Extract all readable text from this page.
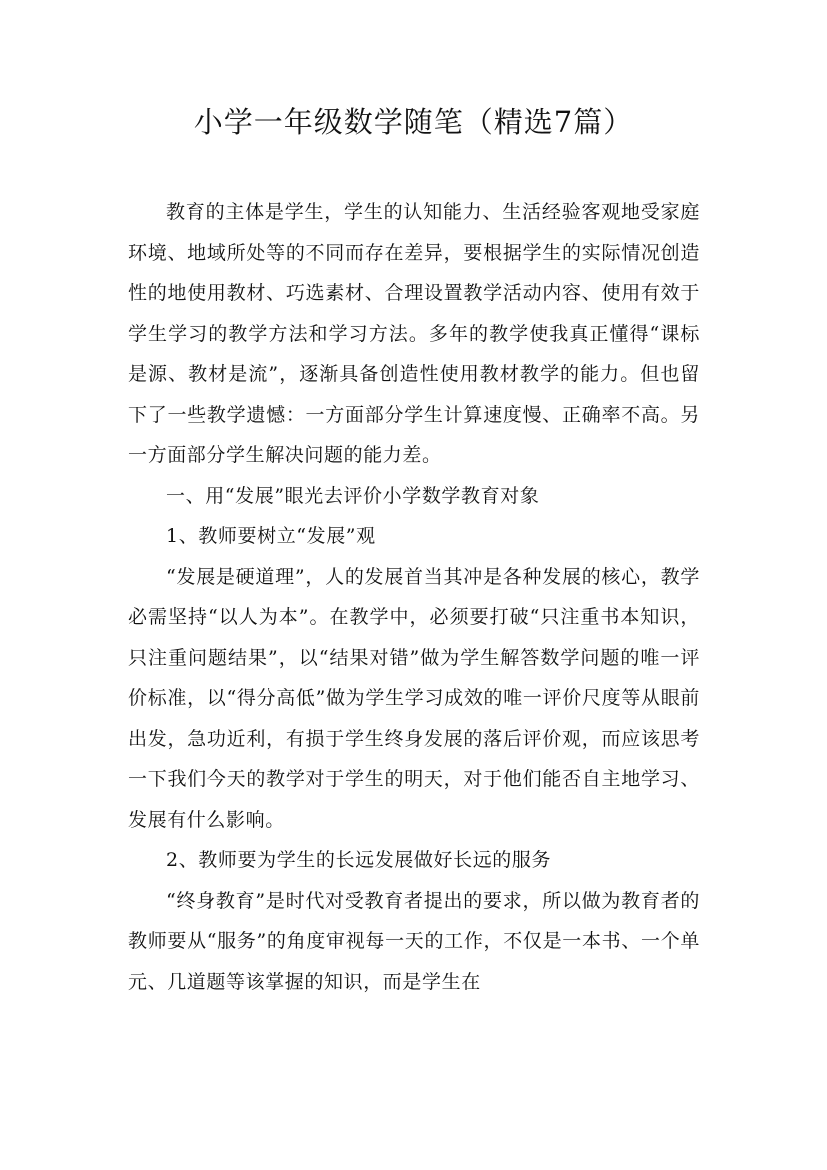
小学一年级数学随笔（精选7篇）

教育的主体是学生，学生的认知能力、生活经验客观地受家庭环境、地域所处等的不同而存在差异，要根据学生的实际情况创造性的地使用教材、巧选素材、合理设置教学活动内容、使用有效于学生学习的教学方法和学习方法。多年的教学使我真正懂得“课标是源、教材是流”，逐渐具备创造性使用教材教学的能力。但也留下了一些教学遗憾：一方面部分学生计算速度慢、正确率不高。另一方面部分学生解决问题的能力差。

一、用“发展”眼光去评价小学数学教育对象

1、教师要树立“发展”观

“发展是硬道理”，人的发展首当其冲是各种发展的核心，教学必需坚持“以人为本”。在教学中，必须要打破“只注重书本知识，只注重问题结果”，以“结果对错”做为学生解答数学问题的唯一评价标准，以“得分高低”做为学生学习成效的唯一评价尺度等从眼前出发，急功近利，有损于学生终身发展的落后评价观，而应该思考一下我们今天的教学对于学生的明天，对于他们能否自主地学习、发展有什么影响。

2、教师要为学生的长远发展做好长远的服务

“终身教育”是时代对受教育者提出的要求，所以做为教育者的教师要从“服务”的角度审视每一天的工作，不仅是一本书、一个单元、几道题等该掌握的知识，而是学生在
